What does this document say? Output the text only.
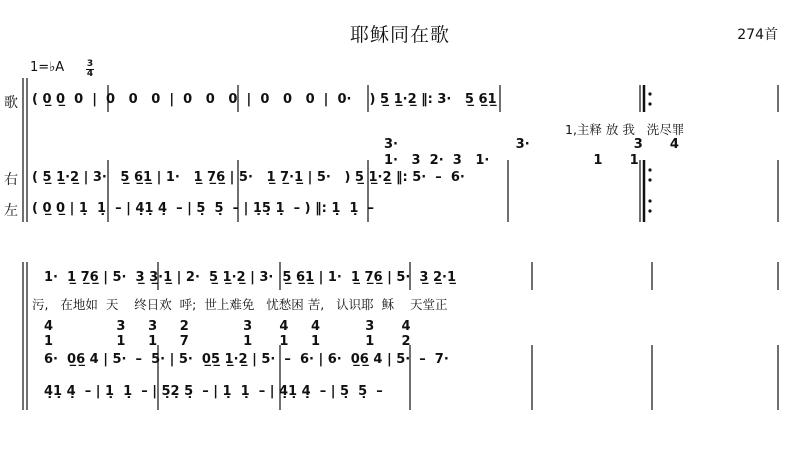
耶稣同在歌	274首
1=♭A	3
4
歌
右
左
( 0̲ 0̲  0  |  0   0   0  |  0   0   0  |  0   0   0  |  0·    ) 5̲ 1̲·2̲ ‖: 3·   5̲ 6̲1̲
1,主释 放 我   洗尽罪
3·                          3·                       3      4
1·   3  2·  3   1·                       1      1
( 5̲ 1̲·2̲ | 3·   5̲ 6̲1̲ | 1·   1̲ 7̲6̲ | 5·   1̲ 7̲·1̲ | 5·   ) 5̲ 1̲·2̲ ‖: 5·  –  6·
( 0̲ 0̲ | 1̣  1̣  – | 4̣1̣ 4̣  – | 5̣  5̣  – | 1̣5̣ 1̣  – ) ‖: 1̣  1̣  –
1·  1̲ 7̲6̲ | 5·  3̲ 3̲·1̲ | 2·  5̲ 1̲·2̲ | 3·  5̲ 6̲1̲ | 1·  1̲ 7̲6̲ | 5·  3̲ 2̲·1̲
污,   在地如  天    终日欢  呼;  世上难免   忧愁困 苦,   认识耶  稣    天堂正
4              3     3     2            3      4     4          3      4
1              1     1     7            1      1     1          1      2
6·  0̲6̲ 4 | 5·  –  5· | 5·  0̲5̲ 1̲·2̲ | 5·  –  6· | 6·  0̲6̲ 4 | 5·  –  7·
4̣1̣ 4̣  – | 1̣  1̣  – | 5̣2̣ 5̣  – | 1̣  1̣  – | 4̣1̣ 4̣  – | 5̣  5̣  –
